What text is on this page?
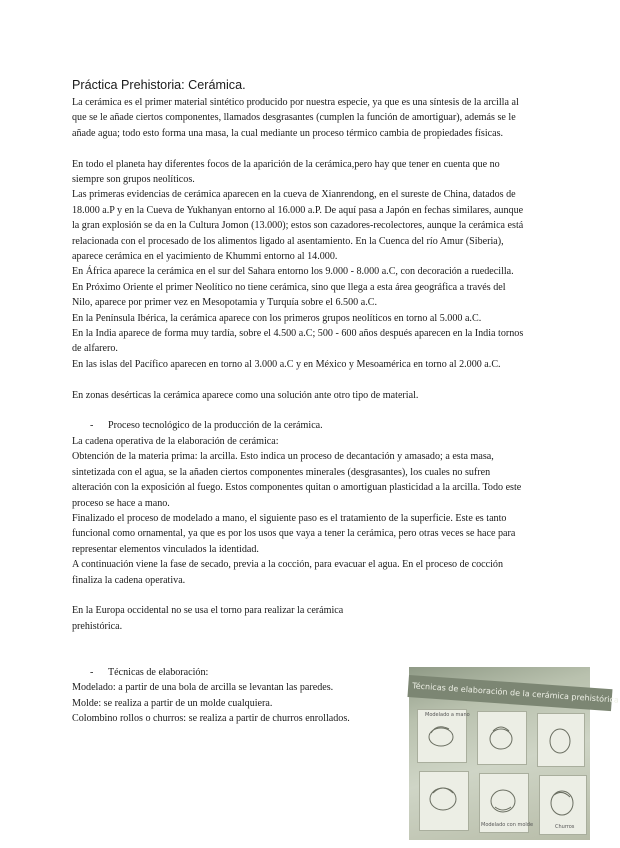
Práctica Prehistoria: Cerámica.

La cerámica es el primer material sintético producido por nuestra especie, ya que es una síntesis de la arcilla al que se le añade ciertos componentes, llamados desgrasantes (cumplen la función de amortiguar), además se le añade agua; todo esto forma una masa, la cual mediante un proceso térmico cambia de propiedades físicas.

En todo el planeta hay diferentes focos de la aparición de la cerámica,pero hay que tener en cuenta que no siempre son grupos neolíticos.

Las primeras evidencias de cerámica aparecen en la cueva de Xianrendong, en el sureste de China, datados de 18.000 a.P y en la Cueva de Yukhanyan entorno al 16.000 a.P. De aquí pasa a Japón en fechas similares, aunque la gran explosión se da en la Cultura Jomon (13.000); estos son cazadores-recolectores, aunque la cerámica está relacionada con el procesado de los alimentos ligado al asentamiento. En la Cuenca del río Amur (Siberia), aparece cerámica en el yacimiento de Khummi entorno al 14.000.

En África aparece la cerámica en el sur del Sahara entorno los 9.000 - 8.000 a.C, con decoración a ruedecilla.

En Próximo Oriente el primer Neolítico no tiene cerámica, sino que llega a esta área geográfica a través del Nilo, aparece por primer vez en Mesopotamia y Turquía sobre el 6.500 a.C.

En la Península Ibérica, la cerámica aparece con los primeros grupos neolíticos en torno al 5.000 a.C.

En la India aparece de forma muy tardía, sobre el 4.500 a.C; 500 - 600 años después aparecen en la India tornos de alfarero.

En las islas del Pacífico aparecen en torno al 3.000 a.C y en México y Mesoamérica en torno al 2.000 a.C.

En zonas desérticas la cerámica aparece como una solución ante otro tipo de material.

- Proceso tecnológico de la producción de la cerámica.

La cadena operativa de la elaboración de cerámica:

Obtención de la materia prima: la arcilla. Esto indica un proceso de decantación y amasado; a esta masa, sintetizada con el agua, se la añaden ciertos componentes minerales (desgrasantes), los cuales no sufren alteración con la exposición al fuego. Estos componentes quitan o amortiguan plasticidad a la arcilla. Todo este proceso se hace a mano.

Finalizado el proceso de modelado a mano, el siguiente paso es el tratamiento de la superficie. Este es tanto funcional como ornamental, ya que es por los usos que vaya a tener la cerámica, pero otras veces se hace para representar elementos vinculados la identidad.

A continuación viene la fase de secado, previa a la cocción, para evacuar el agua. En el proceso de cocción finaliza la cadena operativa.

En la Europa occidental no se usa el torno para realizar la cerámica prehistórica.

- Técnicas de elaboración:

Modelado: a partir de una bola de arcilla se levantan las paredes.

Molde: se realiza a partir de un molde cualquiera.

Colombino rollos o churros: se realiza a partir de churros enrollados.

Técnicas de elaboración de la cerámica prehistórica
Modelado a mano
Modelado con molde	Churros
